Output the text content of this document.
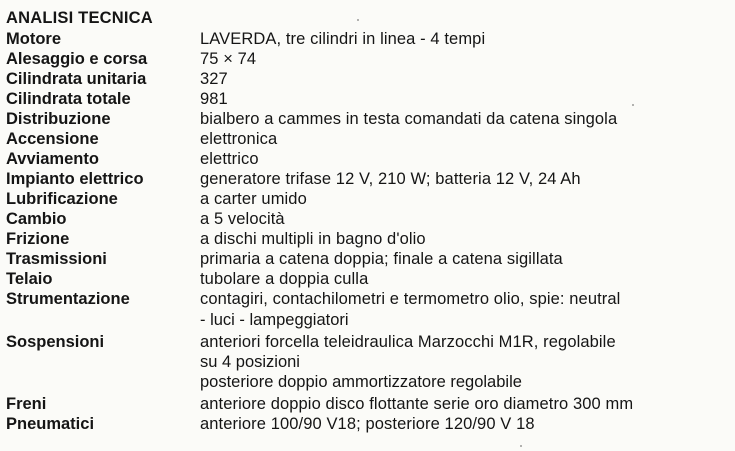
ANALISI TECNICA
Motore	LAVERDA, tre cilindri in linea - 4 tempi
Alesaggio e corsa	75 × 74
Cilindrata unitaria	327
Cilindrata totale	981
Distribuzione	bialbero a cammes in testa comandati da catena singola
Accensione	elettronica
Avviamento	elettrico
Impianto elettrico	generatore trifase 12 V, 210 W; batteria 12 V, 24 Ah
Lubrificazione	a carter umido
Cambio	a 5 velocità
Frizione	a dischi multipli in bagno d'olio
Trasmissioni	primaria a catena doppia; finale a catena sigillata
Telaio	tubolare a doppia culla
Strumentazione	contagiri, contachilometri e termometro olio, spie: neutral
- luci - lampeggiatori
Sospensioni	anteriori forcella teleidraulica Marzocchi M1R, regolabile
su 4 posizioni
posteriore doppio ammortizzatore regolabile
Freni	anteriore doppio disco flottante serie oro diametro 300 mm
Pneumatici	anteriore 100/90 V18; posteriore 120/90 V 18
